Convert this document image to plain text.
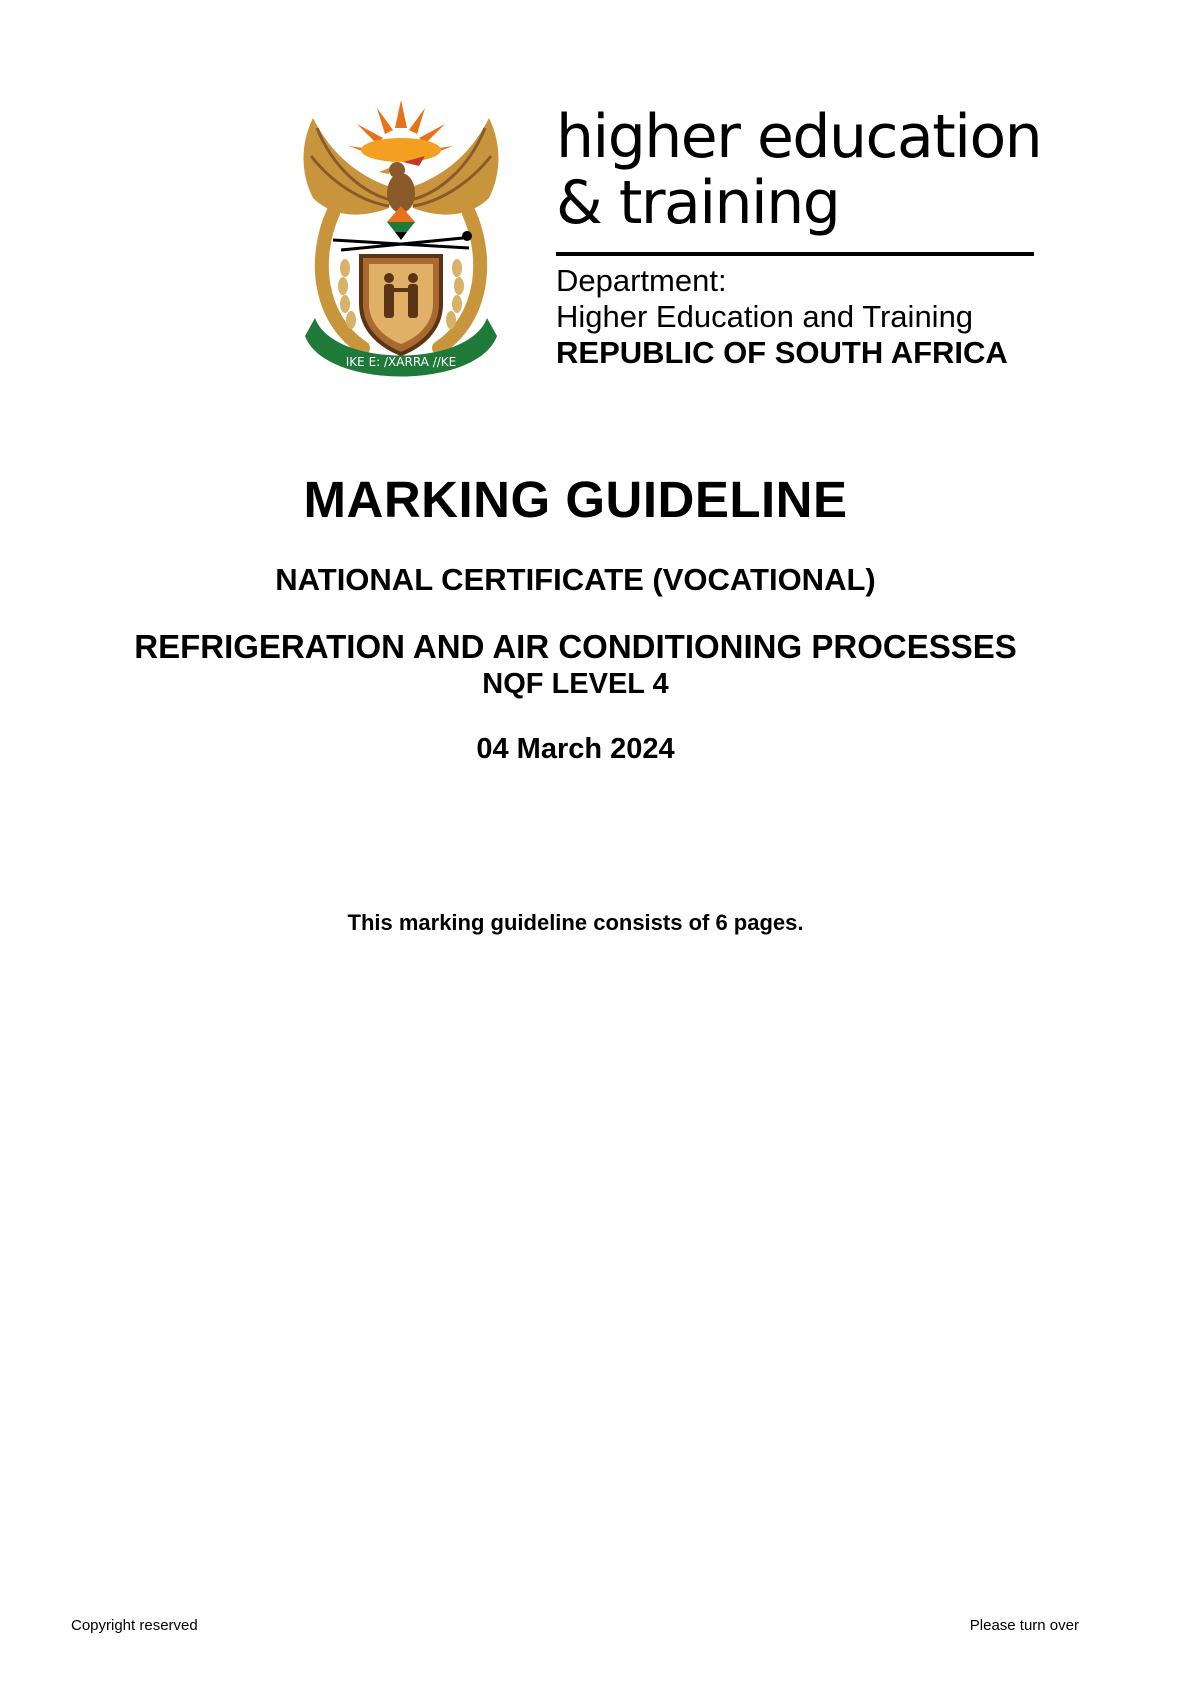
IKE E: /XARRA //KE

higher education

& training

Department:

Higher Education and Training

REPUBLIC OF SOUTH AFRICA

MARKING GUIDELINE
NATIONAL CERTIFICATE (VOCATIONAL)
REFRIGERATION AND AIR CONDITIONING PROCESSES
NQF LEVEL 4
04 March 2024
This marking guideline consists of 6 pages.
Copyright reserved	Please turn over
